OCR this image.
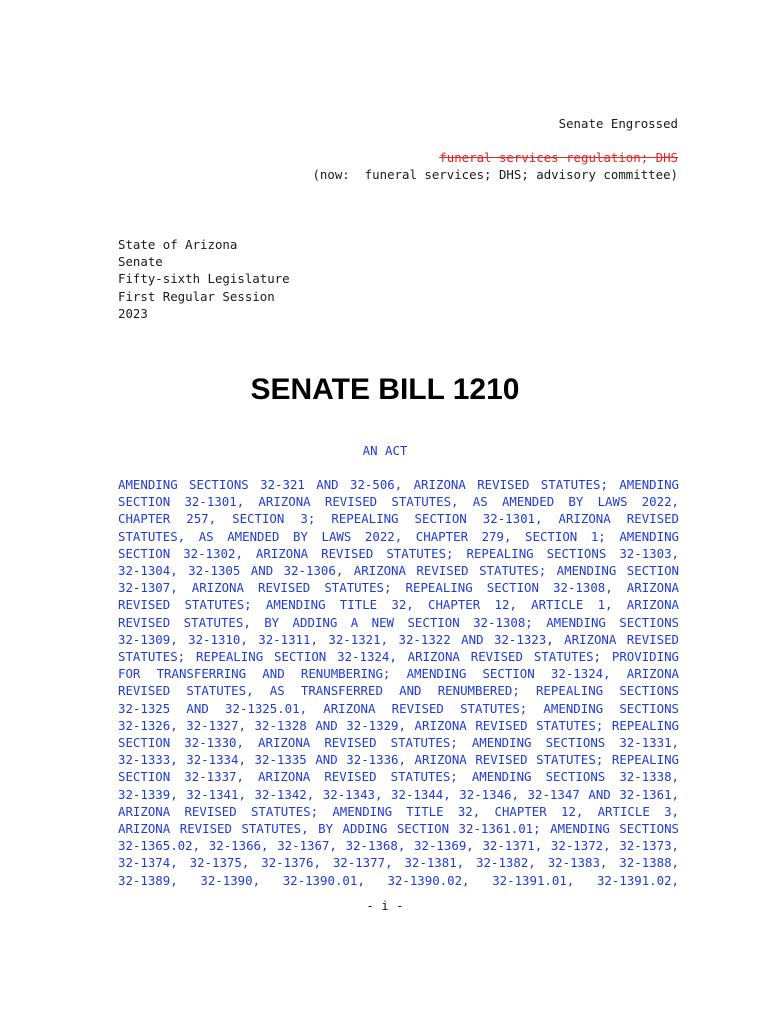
Senate Engrossed
funeral services regulation; DHS
(now:  funeral services; DHS; advisory committee)
State of Arizona
Senate
Fifty-sixth Legislature
First Regular Session
2023
SENATE BILL 1210
AN ACT
AMENDING SECTIONS 32-321 AND 32-506, ARIZONA REVISED STATUTES; AMENDING
SECTION 32-1301, ARIZONA REVISED STATUTES, AS AMENDED BY LAWS 2022,
CHAPTER 257, SECTION 3; REPEALING SECTION 32-1301, ARIZONA REVISED
STATUTES, AS AMENDED BY LAWS 2022, CHAPTER 279, SECTION 1; AMENDING
SECTION 32-1302, ARIZONA REVISED STATUTES; REPEALING SECTIONS 32-1303,
32-1304, 32-1305 AND 32-1306, ARIZONA REVISED STATUTES; AMENDING SECTION
32-1307, ARIZONA REVISED STATUTES; REPEALING SECTION 32-1308, ARIZONA
REVISED STATUTES; AMENDING TITLE 32, CHAPTER 12, ARTICLE 1, ARIZONA
REVISED STATUTES, BY ADDING A NEW SECTION 32-1308; AMENDING SECTIONS
32-1309, 32-1310, 32-1311, 32-1321, 32-1322 AND 32-1323, ARIZONA REVISED
STATUTES; REPEALING SECTION 32-1324, ARIZONA REVISED STATUTES; PROVIDING
FOR TRANSFERRING AND RENUMBERING; AMENDING SECTION 32-1324, ARIZONA
REVISED STATUTES, AS TRANSFERRED AND RENUMBERED; REPEALING SECTIONS
32-1325 AND 32-1325.01, ARIZONA REVISED STATUTES; AMENDING SECTIONS
32-1326, 32-1327, 32-1328 AND 32-1329, ARIZONA REVISED STATUTES; REPEALING
SECTION 32-1330, ARIZONA REVISED STATUTES; AMENDING SECTIONS 32-1331,
32-1333, 32-1334, 32-1335 AND 32-1336, ARIZONA REVISED STATUTES; REPEALING
SECTION 32-1337, ARIZONA REVISED STATUTES; AMENDING SECTIONS 32-1338,
32-1339, 32-1341, 32-1342, 32-1343, 32-1344, 32-1346, 32-1347 AND 32-1361,
ARIZONA REVISED STATUTES; AMENDING TITLE 32, CHAPTER 12, ARTICLE 3,
ARIZONA REVISED STATUTES, BY ADDING SECTION 32-1361.01; AMENDING SECTIONS
32-1365.02, 32-1366, 32-1367, 32-1368, 32-1369, 32-1371, 32-1372, 32-1373,
32-1374, 32-1375, 32-1376, 32-1377, 32-1381, 32-1382, 32-1383, 32-1388,
32-1389, 32-1390, 32-1390.01, 32-1390.02, 32-1391.01, 32-1391.02,
- i -
